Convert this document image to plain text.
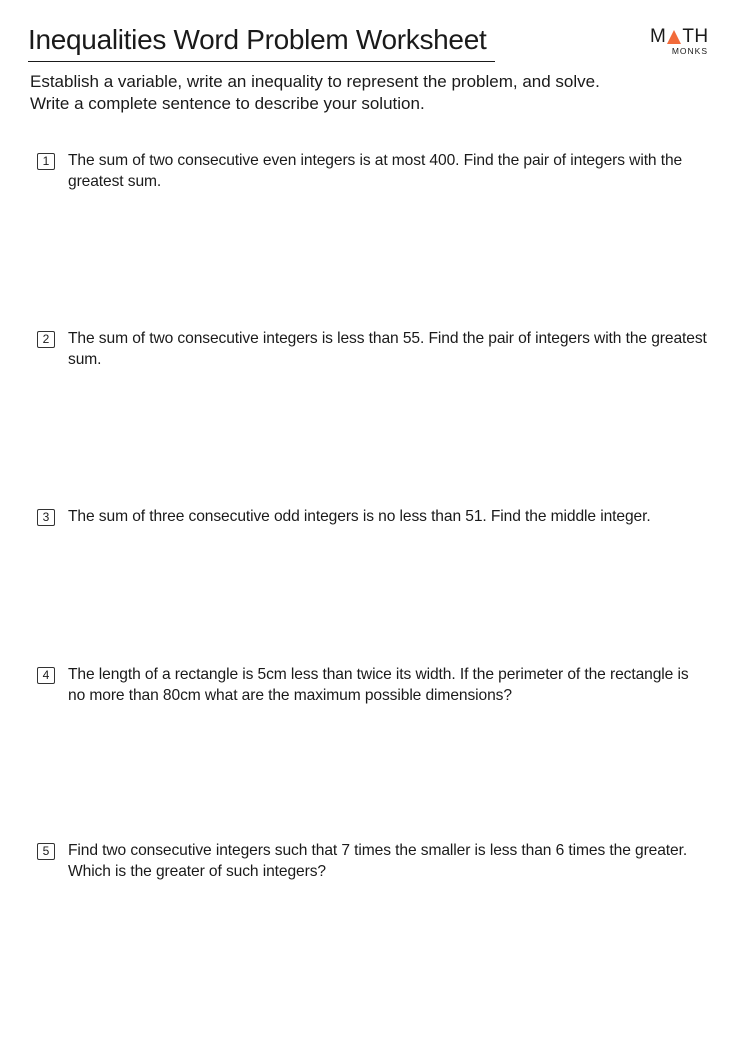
Inequalities Word Problem Worksheet	M TH
MONKS

Establish a variable, write an inequality to represent the problem, and solve.

Write a complete sentence to describe your solution.

1	The sum of two consecutive even integers is at most 400. Find the pair of integers with the greatest sum.
2	The sum of two consecutive integers is less than 55. Find the pair of integers with the greatest sum.
3	The sum of three consecutive odd integers is no less than 51. Find the middle integer.
4	The length of a rectangle is 5cm less than twice its width. If the perimeter of the rectangle is no more than 80cm what are the maximum possible dimensions?
5	Find two consecutive integers such that 7 times the smaller is less than 6 times the greater. Which is the greater of such integers?
